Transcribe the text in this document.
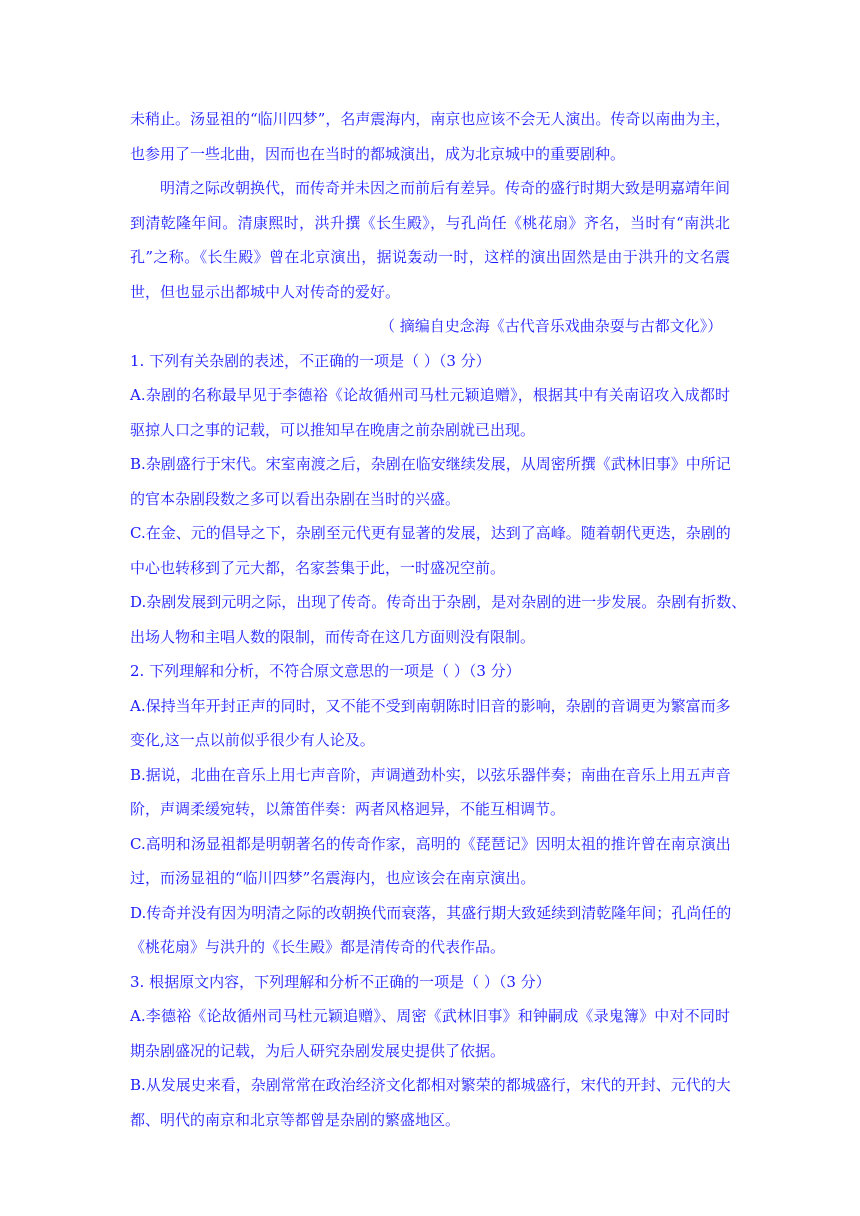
未稍止。汤显祖的“临川四梦”，名声震海内，南京也应该不会无人演出。传奇以南曲为主，
也参用了一些北曲，因而也在当时的都城演出，成为北京城中的重要剧种。
明清之际改朝换代，而传奇并未因之而前后有差异。传奇的盛行时期大致是明嘉靖年间
到清乾隆年间。清康熙时，洪升撰《长生殿》，与孔尚任《桃花扇》齐名，当时有“南洪北
孔”之称。《长生殿》曾在北京演出，据说轰动一时，这样的演出固然是由于洪升的文名震
世，但也显示出都城中人对传奇的爱好。
（ 摘编自史念海《古代音乐戏曲杂耍与古都文化》）
1. 下列有关杂剧的表述，不正确的一项是（ ）（3 分）
A.杂剧的名称最早见于李德裕《论故循州司马杜元颖追赠》，根据其中有关南诏攻入成都时
驱掠人口之事的记载，可以推知早在晚唐之前杂剧就已出现。
B.杂剧盛行于宋代。宋室南渡之后，杂剧在临安继续发展，从周密所撰《武林旧事》中所记
的官本杂剧段数之多可以看出杂剧在当时的兴盛。
C.在金、元的倡导之下，杂剧至元代更有显著的发展，达到了高峰。随着朝代更迭，杂剧的
中心也转移到了元大都，名家荟集于此，一时盛况空前。
D.杂剧发展到元明之际，出现了传奇。传奇出于杂剧，是对杂剧的进一步发展。杂剧有折数、
出场人物和主唱人数的限制，而传奇在这几方面则没有限制。
2. 下列理解和分析，不符合原文意思的一项是（ ）（3 分）
A.保持当年开封正声的同时，又不能不受到南朝陈时旧音的影响，杂剧的音调更为繁富而多
变化,这一点以前似乎很少有人论及。
B.据说，北曲在音乐上用七声音阶，声调遒劲朴实，以弦乐器伴奏；南曲在音乐上用五声音
阶，声调柔缓宛转，以箫笛伴奏：两者风格迥异，不能互相调节。
C.高明和汤显祖都是明朝著名的传奇作家，高明的《琵琶记》因明太祖的推许曾在南京演出
过，而汤显祖的“临川四梦”名震海内，也应该会在南京演出。
D.传奇并没有因为明清之际的改朝换代而衰落，其盛行期大致延续到清乾隆年间；孔尚任的
《桃花扇》与洪升的《长生殿》都是清传奇的代表作品。
3. 根据原文内容，下列理解和分析不正确的一项是（ ）（3 分）
A.李德裕《论故循州司马杜元颖追赠》、周密《武林旧事》和钟嗣成《录鬼簿》中对不同时
期杂剧盛况的记载，为后人研究杂剧发展史提供了依据。
B.从发展史来看，杂剧常常在政治经济文化都相对繁荣的都城盛行，宋代的开封、元代的大
都、明代的南京和北京等都曾是杂剧的繁盛地区。
